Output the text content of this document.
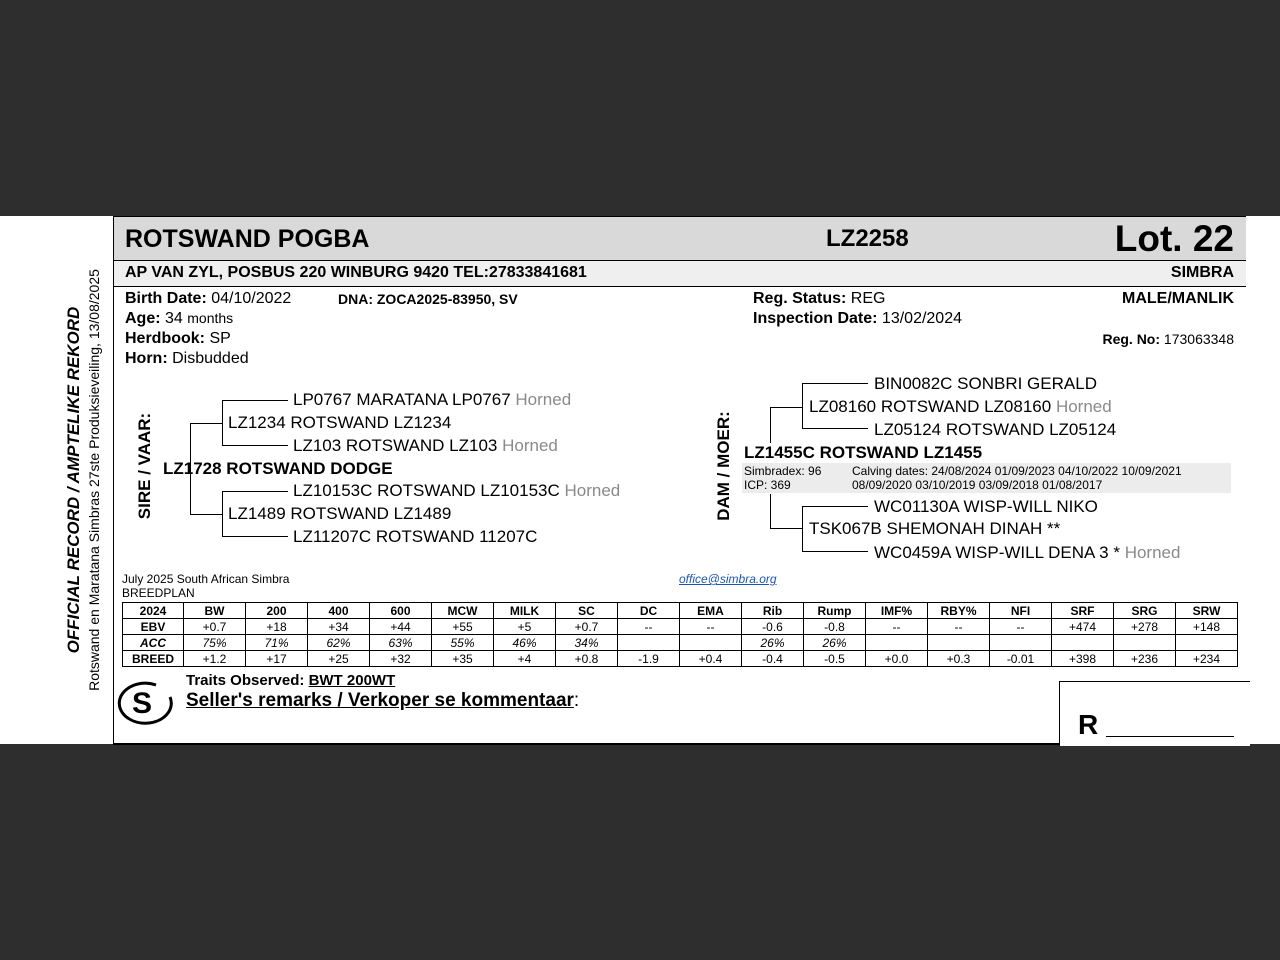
OFFICIAL RECORD / AMPTELIKE REKORD Rotswand en Maratana Simbras 27ste Produksieveiling, 13/08/2025
ROTSWAND POGBA	LZ2258	Lot. 22
AP VAN ZYL, POSBUS 220 WINBURG 9420 TEL:27833841681	SIMBRA
Birth Date: 04/10/2022	DNA: ZOCA2025-83950, SV
Age: 34 months
Herdbook: SP
Horn: Disbudded
Reg. Status: REG
Inspection Date: 13/02/2024
MALE/MANLIK
Reg. No: 173063348
SIRE / VAAR:
LP0767 MARATANA LP0767 Horned
LZ1234 ROTSWAND LZ1234
LZ103 ROTSWAND LZ103 Horned
LZ1728 ROTSWAND DODGE
LZ10153C ROTSWAND LZ10153C Horned
LZ1489 ROTSWAND LZ1489
LZ11207C ROTSWAND 11207C
DAM / MOER:
BIN0082C SONBRI GERALD
LZ08160 ROTSWAND LZ08160 Horned
LZ05124 ROTSWAND LZ05124
LZ1455C ROTSWAND LZ1455
Simbradex: 96
ICP: 369
Calving dates: 24/08/2024 01/09/2023 04/10/2022 10/09/2021
08/09/2020 03/10/2019 03/09/2018 01/08/2017
WC01130A WISP-WILL NIKO
TSK067B SHEMONAH DINAH **
WC0459A WISP-WILL DENA 3 * Horned
July 2025 South African Simbra
BREEDPLAN
office@simbra.org
2024	BW	200	400	600	MCW	MILK	SC	DC	EMA	Rib	Rump	IMF%	RBY%	NFI	SRF	SRG	SRW
EBV	+0.7	+18	+34	+44	+55	+5	+0.7	--	--	-0.6	-0.8	--	--	--	+474	+278	+148
ACC	75%	71%	62%	63%	55%	46%	34%			26%	26%						
BREED	+1.2	+17	+25	+32	+35	+4	+0.8	-1.9	+0.4	-0.4	-0.5	+0.0	+0.3	-0.01	+398	+236	+234
S
Traits Observed: BWT 200WT
Seller's remarks / Verkoper se kommentaar:
R
